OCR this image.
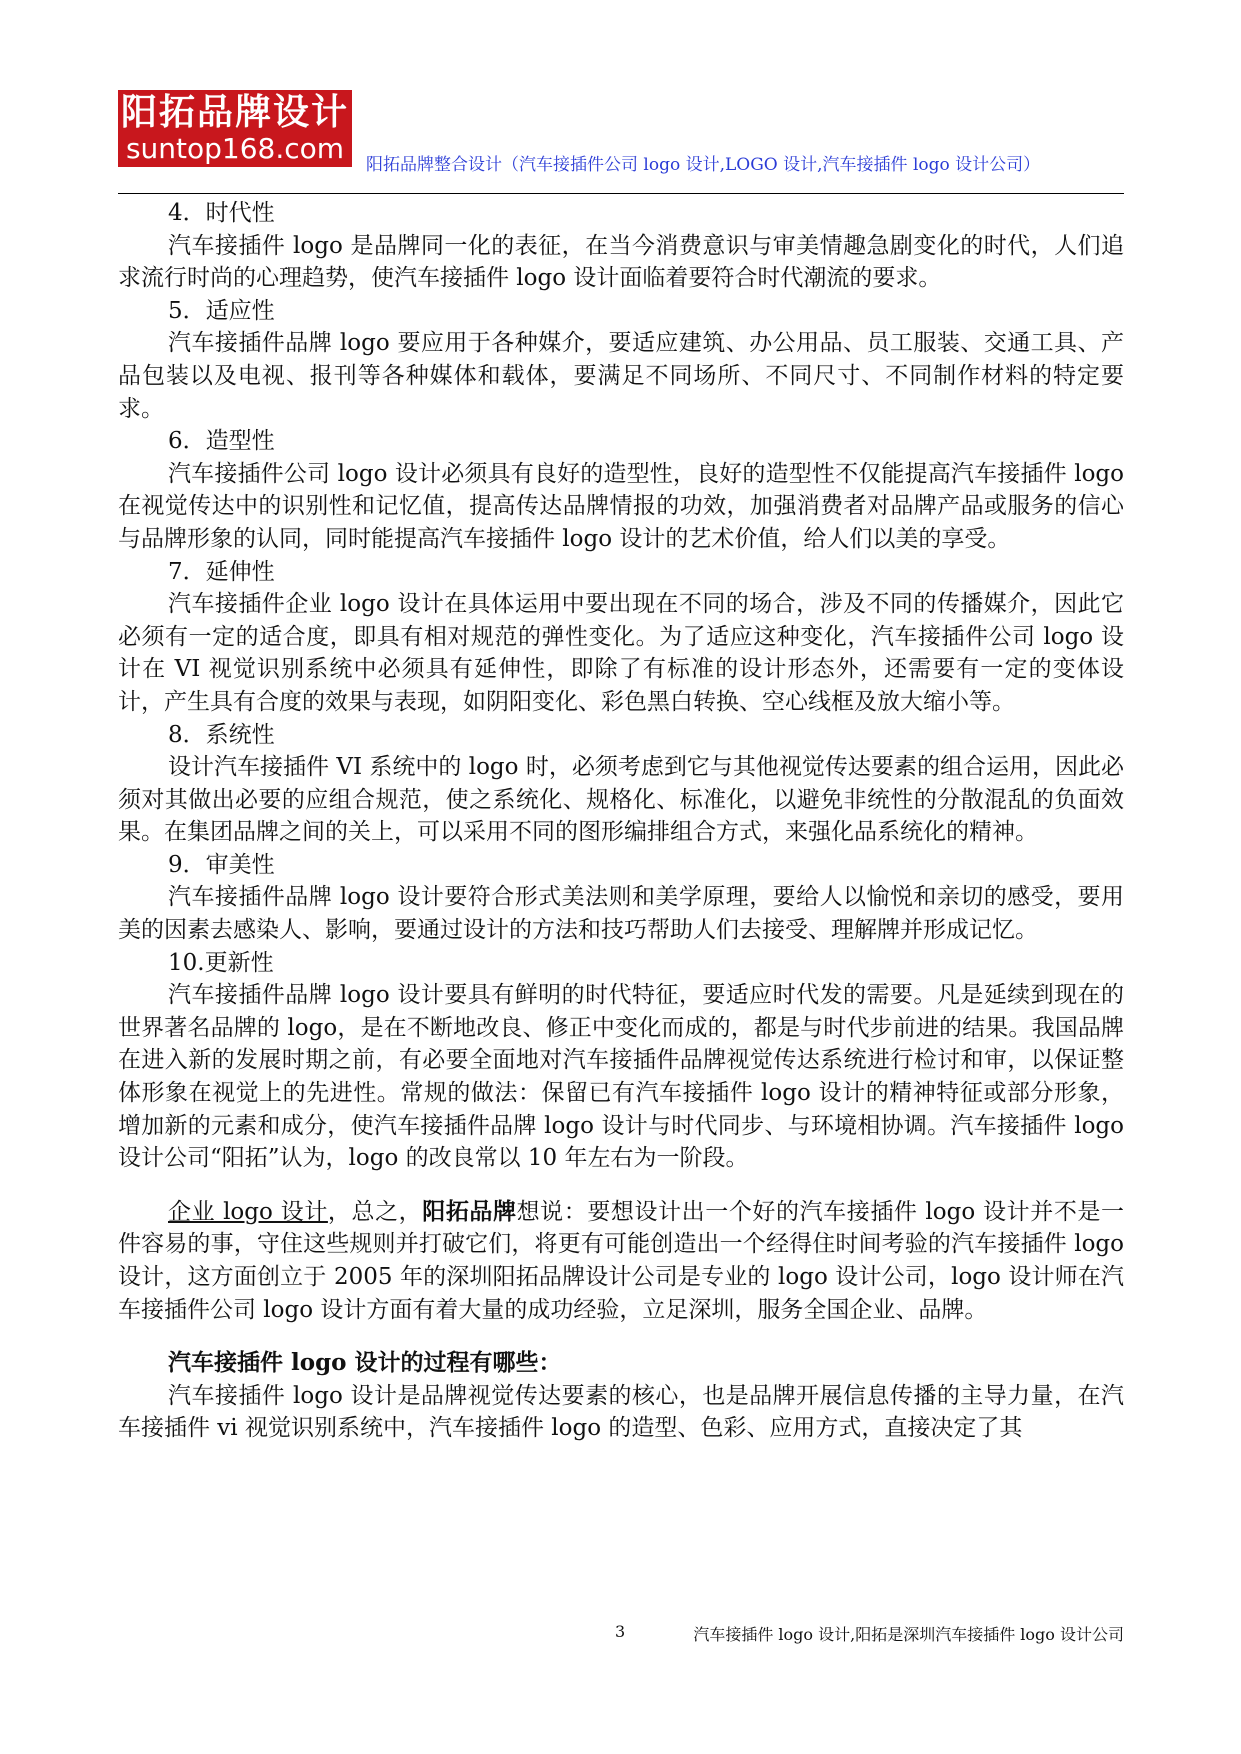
阳拓品牌设计
suntop168.com
阳拓品牌整合设计（汽车接插件公司 logo 设计,LOGO 设计,汽车接插件 logo 设计公司）

4．时代性

汽车接插件 logo 是品牌同一化的表征，在当今消费意识与审美情趣急剧变化的时代，人们追求流行时尚的心理趋势，使汽车接插件 logo 设计面临着要符合时代潮流的要求。

5．适应性

汽车接插件品牌 logo 要应用于各种媒介，要适应建筑、办公用品、员工服装、交通工具、产品包装以及电视、报刊等各种媒体和载体，要满足不同场所、不同尺寸、不同制作材料的特定要求。

6．造型性

汽车接插件公司 logo 设计必须具有良好的造型性，良好的造型性不仅能提高汽车接插件 logo 在视觉传达中的识别性和记忆值，提高传达品牌情报的功效，加强消费者对品牌产品或服务的信心与品牌形象的认同，同时能提高汽车接插件 logo 设计的艺术价值，给人们以美的享受。

7．延伸性

汽车接插件企业 logo 设计在具体运用中要出现在不同的场合，涉及不同的传播媒介，因此它必须有一定的适合度，即具有相对规范的弹性变化。为了适应这种变化，汽车接插件公司 logo 设计在 VI 视觉识别系统中必须具有延伸性，即除了有标准的设计形态外，还需要有一定的变体设计，产生具有合度的效果与表现，如阴阳变化、彩色黑白转换、空心线框及放大缩小等。

8．系统性

设计汽车接插件 VI 系统中的 logo 时，必须考虑到它与其他视觉传达要素的组合运用，因此必须对其做出必要的应组合规范，使之系统化、规格化、标准化，以避免非统性的分散混乱的负面效果。在集团品牌之间的关上，可以采用不同的图形编排组合方式，来强化品系统化的精神。

9．审美性

汽车接插件品牌 logo 设计要符合形式美法则和美学原理，要给人以愉悦和亲切的感受，要用美的因素去感染人、影响，要通过设计的方法和技巧帮助人们去接受、理解牌并形成记忆。

10.更新性

汽车接插件品牌 logo 设计要具有鲜明的时代特征，要适应时代发的需要。凡是延续到现在的世界著名品牌的 logo，是在不断地改良、修正中变化而成的，都是与时代步前进的结果。我国品牌在进入新的发展时期之前，有必要全面地对汽车接插件品牌视觉传达系统进行检讨和审，以保证整体形象在视觉上的先进性。常规的做法：保留已有汽车接插件 logo 设计的精神特征或部分形象，增加新的元素和成分，使汽车接插件品牌 logo 设计与时代同步、与环境相协调。汽车接插件 logo 设计公司“阳拓”认为，logo 的改良常以 10 年左右为一阶段。

企业 logo 设计，总之，阳拓品牌想说：要想设计出一个好的汽车接插件 logo 设计并不是一件容易的事，守住这些规则并打破它们，将更有可能创造出一个经得住时间考验的汽车接插件 logo 设计，这方面创立于 2005 年的深圳阳拓品牌设计公司是专业的 logo 设计公司，logo 设计师在汽车接插件公司 logo 设计方面有着大量的成功经验，立足深圳，服务全国企业、品牌。

汽车接插件 logo 设计的过程有哪些：

汽车接插件 logo 设计是品牌视觉传达要素的核心，也是品牌开展信息传播的主导力量，在汽车接插件 vi 视觉识别系统中，汽车接插件 logo 的造型、色彩、应用方式，直接决定了其

3	汽车接插件 logo 设计,阳拓是深圳汽车接插件 logo 设计公司
